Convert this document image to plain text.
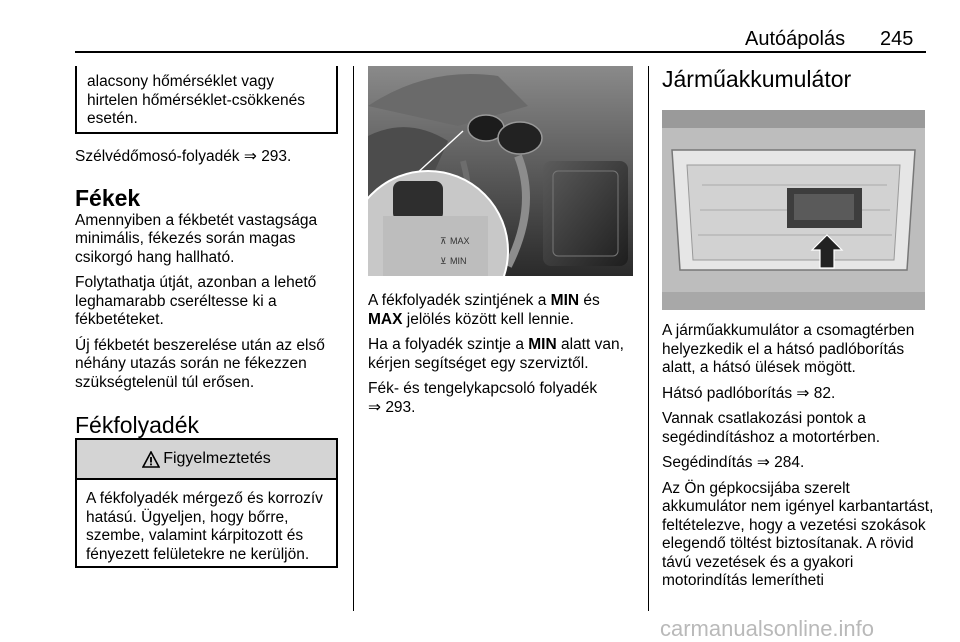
Autóápolás 245
alacsony hőmérséklet vagy hirtelen hőmérséklet-csökkenés esetén.

Szélvédőmosó-folyadék ⇒ 293.

Fékek

Amennyiben a fékbetét vastagsága minimális, fékezés során magas csikorgó hang hallható.

Folytathatja útját, azonban a lehető leghamarabb cseréltesse ki a fékbetéteket.

Új fékbetét beszerelése után az első néhány utazás során ne fékezzen szükségtelenül túl erősen.

Fékfolyadék
Figyelmeztetés
A fékfolyadék mérgező és korrozív hatású. Ügyeljen, hogy bőrre, szembe, valamint kárpitozott és fényezett felületekre ne kerüljön.
⊼ MAX
⊻ MIN

A fékfolyadék szintjének a MIN és MAX jelölés között kell lennie.

Ha a folyadék szintje a MIN alatt van, kérjen segítséget egy szerviztől.

Fék- és tengelykapcsoló folyadék
⇒ 293.

Járműakkumulátor

A járműakkumulátor a csomagtérben helyezkedik el a hátsó padlóborítás alatt, a hátsó ülések mögött.

Hátsó padlóborítás ⇒ 82.

Vannak csatlakozási pontok a segédindításhoz a motortérben.

Segédindítás ⇒ 284.

Az Ön gépkocsijába szerelt akkumulátor nem igényel karbantartást, feltételezve, hogy a vezetési szokások elegendő töltést biztosítanak. A rövid távú vezetések és a gyakori motorindítás lemerítheti

carmanualsonline.info
